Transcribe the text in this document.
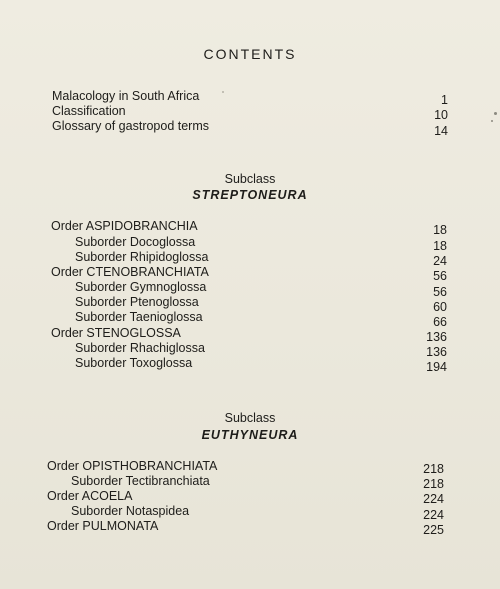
CONTENTS
Malacology in South Africa	1
Classification	10
Glossary of gastropod terms	14
Subclass
STREPTONEURA
Order ASPIDOBRANCHIA	18
Suborder Docoglossa	18
Suborder Rhipidoglossa	24
Order CTENOBRANCHIATA	56
Suborder Gymnoglossa	56
Suborder Ptenoglossa	60
Suborder Taenioglossa	66
Order STENOGLOSSA	136
Suborder Rhachiglossa	136
Suborder Toxoglossa	194
Subclass
EUTHYNEURA
Order OPISTHOBRANCHIATA	218
Suborder Tectibranchiata	218
Order ACOELA	224
Suborder Notaspidea	224
Order PULMONATA	225
